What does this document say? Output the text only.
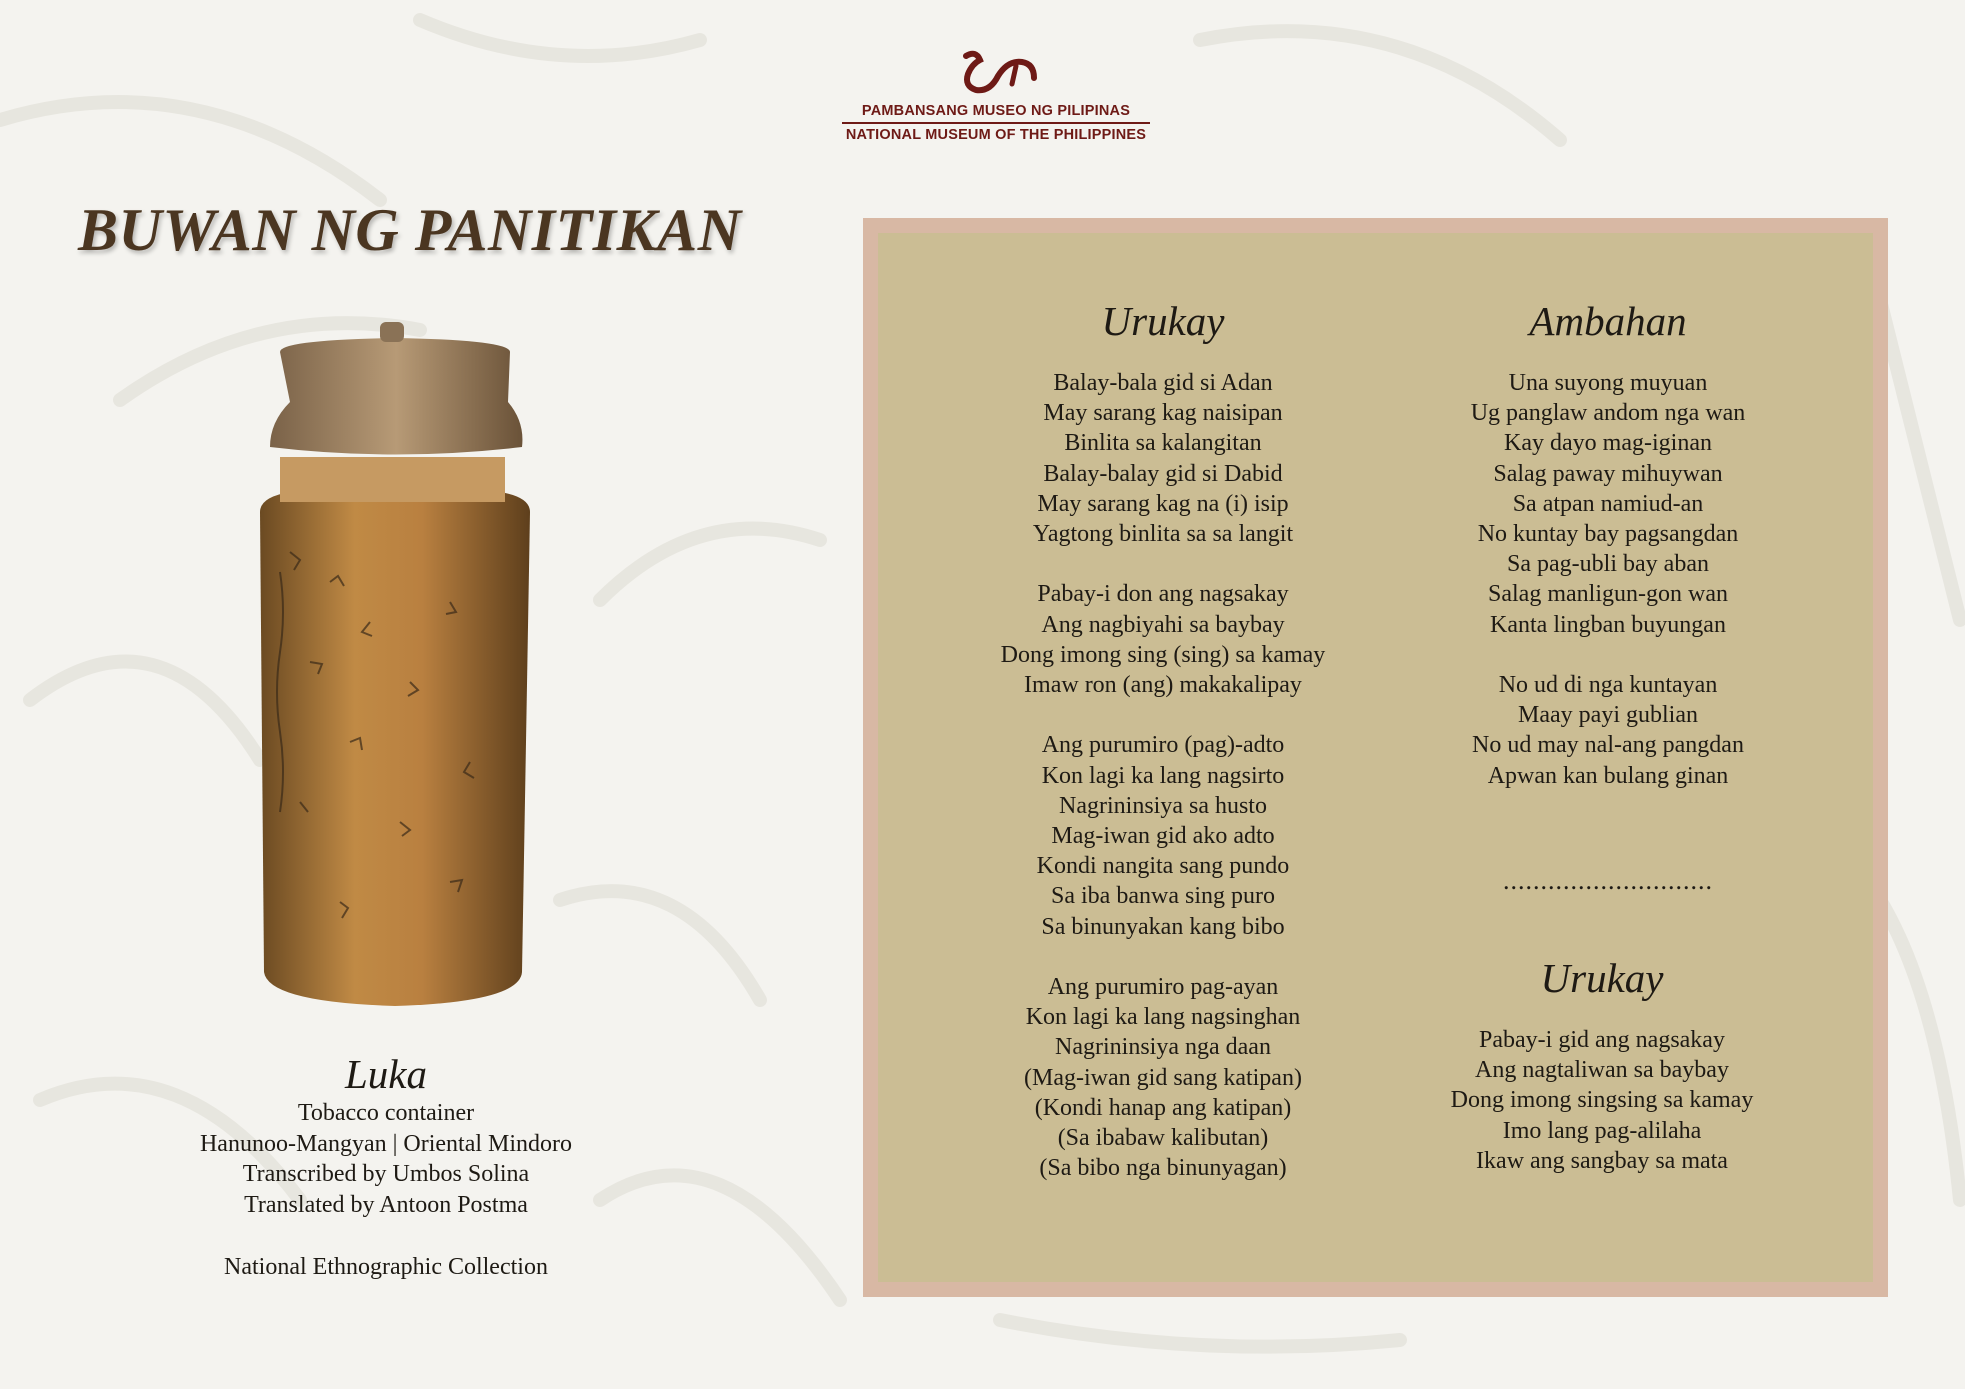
PAMBANSANG MUSEO NG PILIPINAS
NATIONAL MUSEUM OF THE PHILIPPINES
BUWAN NG PANITIKAN
Luka
Tobacco container
Hanunoo-Mangyan | Oriental Mindoro
Transcribed by Umbos Solina
Translated by Antoon Postma
National Ethnographic Collection
Urukay
Balay-bala gid si Adan
May sarang kag naisipan
Binlita sa kalangitan
Balay-balay gid si Dabid
May sarang kag na (i) isip
Yagtong binlita sa sa langit
Pabay-i don ang nagsakay
Ang nagbiyahi sa baybay
Dong imong sing (sing) sa kamay
Imaw ron (ang) makakalipay
Ang purumiro (pag)-adto
Kon lagi ka lang nagsirto
Nagrininsiya sa husto
Mag-iwan gid ako adto
Kondi nangita sang pundo
Sa iba banwa sing puro
Sa binunyakan kang bibo
Ang purumiro pag-ayan
Kon lagi ka lang nagsinghan
Nagrininsiya nga daan
(Mag-iwan gid sang katipan)
(Kondi hanap ang katipan)
(Sa ibabaw kalibutan)
(Sa bibo nga binunyagan)
Ambahan
Una suyong muyuan
Ug panglaw andom nga wan
Kay dayo mag-iginan
Salag paway mihuywan
Sa atpan namiud-an
No kuntay bay pagsangdan
Sa pag-ubli bay aban
Salag manligun-gon wan
Kanta lingban buyungan
No ud di nga kuntayan
Maay payi gublian
No ud may nal-ang pangdan
Apwan kan bulang ginan
............................
Urukay
Pabay-i gid ang nagsakay
Ang nagtaliwan sa baybay
Dong imong singsing sa kamay
Imo lang pag-alilaha
Ikaw ang sangbay sa mata
